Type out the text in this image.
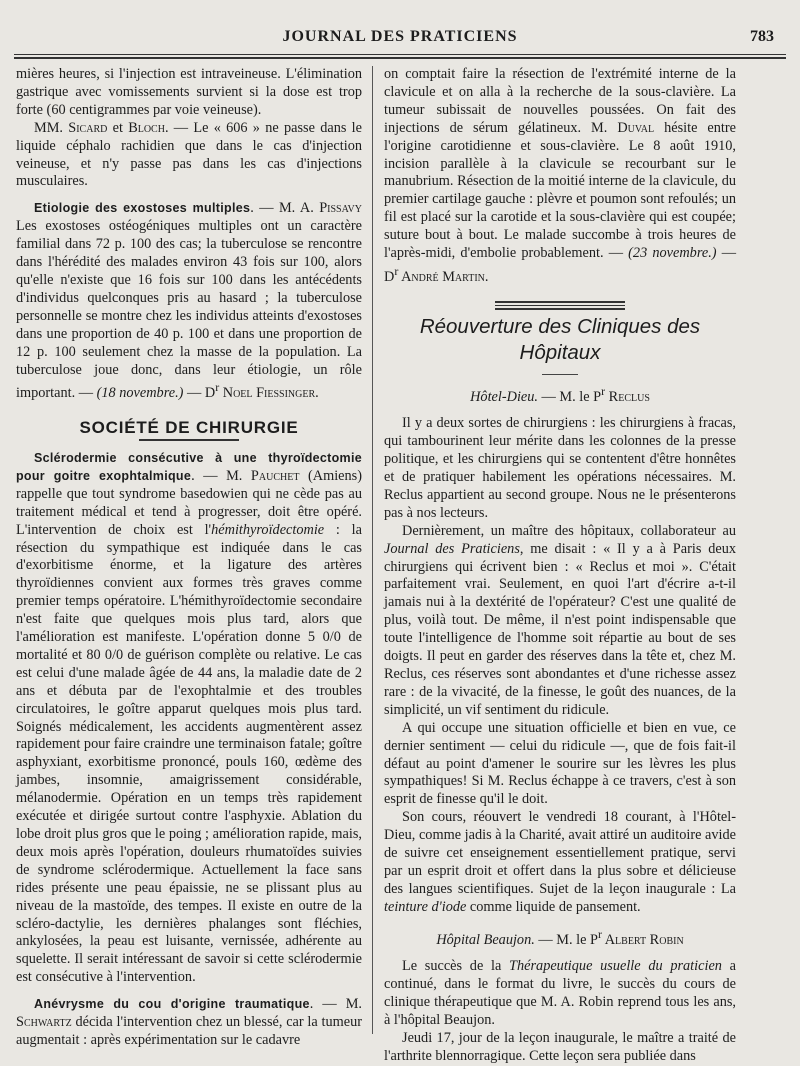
JOURNAL DES PRATICIENS	783

mières heures, si l'injection est intraveineuse. L'élimination gastrique avec vomissements survient si la dose est trop forte (60 centigrammes par voie veineuse).

MM. Sicard et Bloch. — Le « 606 » ne passe dans le liquide céphalo rachidien que dans le cas d'injection veineuse, et n'y passe pas dans les cas d'injections musculaires.

Etiologie des exostoses multiples. — M. A. Pissavy Les exostoses ostéogéniques multiples ont un caractère familial dans 72 p. 100 des cas; la tuberculose se rencontre dans l'hérédité des malades environ 43 fois sur 100, alors qu'elle n'existe que 16 fois sur 100 dans les antécédents d'individus quelconques pris au hasard ; la tuberculose personnelle se montre chez les individus atteints d'exostoses dans une proportion de 40 p. 100 et dans une proportion de 12 p. 100 seulement chez la masse de la population. La tuberculose joue donc, dans leur étiologie, un rôle important. — (18 novembre.) — $D^r$ Noel Fiessinger.

SOCIÉTÉ DE CHIRURGIE

Sclérodermie consécutive à une thyroïdectomie pour goitre exophtalmique. — M. Pauchet (Amiens) rappelle que tout syndrome basedowien qui ne cède pas au traitement médical et tend à progresser, doit être opéré. L'intervention de choix est l'hémithyroïdectomie : la résection du sympathique est indiquée dans le cas d'exorbitisme énorme, et la ligature des artères thyroïdiennes convient aux formes très graves comme premier temps opératoire. L'hémithyroïdectomie secondaire n'est faite que quelques mois plus tard, alors que l'amélioration est manifeste. L'opération donne 5 0/0 de mortalité et 80 0/0 de guérison complète ou relative. Le cas est celui d'une malade âgée de 44 ans, la maladie date de 2 ans et débuta par de l'exophtalmie et des troubles circulatoires, le goître apparut quelques mois plus tard. Soignés médicalement, les accidents augmentèrent assez rapidement pour faire craindre une terminaison fatale; goître asphyxiant, exorbitisme prononcé, pouls 160, œdème des jambes, insomnie, amaigrissement considérable, mélanodermie. Opération en un temps très rapidement exécutée et dirigée surtout contre l'asphyxie. Ablation du lobe droit plus gros que le poing ; amélioration rapide, mais, deux mois après l'opération, douleurs rhumatoïdes suivies de syndrome sclérodermique. Actuellement la face sans rides présente une peau épaissie, ne se plissant plus au niveau de la mastoïde, des tempes. Il existe en outre de la scléro-dactylie, les dernières phalanges sont fléchies, ankylosées, la peau est luisante, vernissée, adhérente au squelette. Il serait intéressant de savoir si cette sclérodermie est consécutive à l'intervention.

Anévrysme du cou d'origine traumatique. — M. Schwartz décida l'intervention chez un blessé, car la tumeur augmentait : après expérimentation sur le cadavre

on comptait faire la résection de l'extrémité interne de la clavicule et on alla à la recherche de la sous-clavière. La tumeur subissait de nouvelles poussées. On fait des injections de sérum gélatineux. M. Duval hésite entre l'origine carotidienne et sous-clavière. Le 8 août 1910, incision parallèle à la clavicule se recourbant sur le manubrium. Résection de la moitié interne de la clavicule, du premier cartilage gauche : plèvre et poumon sont refoulés; un fil est placé sur la carotide et la sous-clavière qui est coupée; suture bout à bout. Le malade succombe à trois heures de l'après-midi, d'embolie probablement. — (23 novembre.) — $D^r$ André Martin.

Réouverture des Cliniques des Hôpitaux

Hôtel-Dieu. — M. le $P^r$ Reclus

Il y a deux sortes de chirurgiens : les chirurgiens à fracas, qui tambourinent leur mérite dans les colonnes de la presse politique, et les chirurgiens qui se contentent d'être honnêtes et de pratiquer habilement les opérations nécessaires. M. Reclus appartient au second groupe. Nous ne le présenterons pas à nos lecteurs.

Dernièrement, un maître des hôpitaux, collaborateur au Journal des Praticiens, me disait : « Il y a à Paris deux chirurgiens qui écrivent bien : « Reclus et moi ». C'était parfaitement vrai. Seulement, en quoi l'art d'écrire a-t-il jamais nui à la dextérité de l'opérateur? C'est une qualité de plus, voilà tout. De même, il n'est point indispensable que toute l'intelligence de l'homme soit répartie au bout de ses doigts. Il peut en garder des réserves dans la tête et, chez M. Reclus, ces réserves sont abondantes et d'une richesse assez rare : de la vivacité, de la finesse, le goût des nuances, de la simplicité, un vif sentiment du ridicule.

A qui occupe une situation officielle et bien en vue, ce dernier sentiment — celui du ridicule —, que de fois fait-il défaut au point d'amener le sourire sur les lèvres les plus sympathiques! Si M. Reclus échappe à ce travers, c'est à son esprit de finesse qu'il le doit.

Son cours, réouvert le vendredi 18 courant, à l'Hôtel-Dieu, comme jadis à la Charité, avait attiré un auditoire avide de suivre cet enseignement essentiellement pratique, servi par un esprit droit et offert dans la plus sobre et délicieuse des langues scientifiques. Sujet de la leçon inaugurale : La teinture d'iode comme liquide de pansement.

Hôpital Beaujon. — M. le $P^r$ Albert Robin

Le succès de la Thérapeutique usuelle du praticien a continué, dans le format du livre, le succès du cours de clinique thérapeutique que M. A. Robin reprend tous les ans, à l'hôpital Beaujon.

Jeudi 17, jour de la leçon inaugurale, le maître a traité de l'arthrite blennorragique. Cette leçon sera publiée dans
